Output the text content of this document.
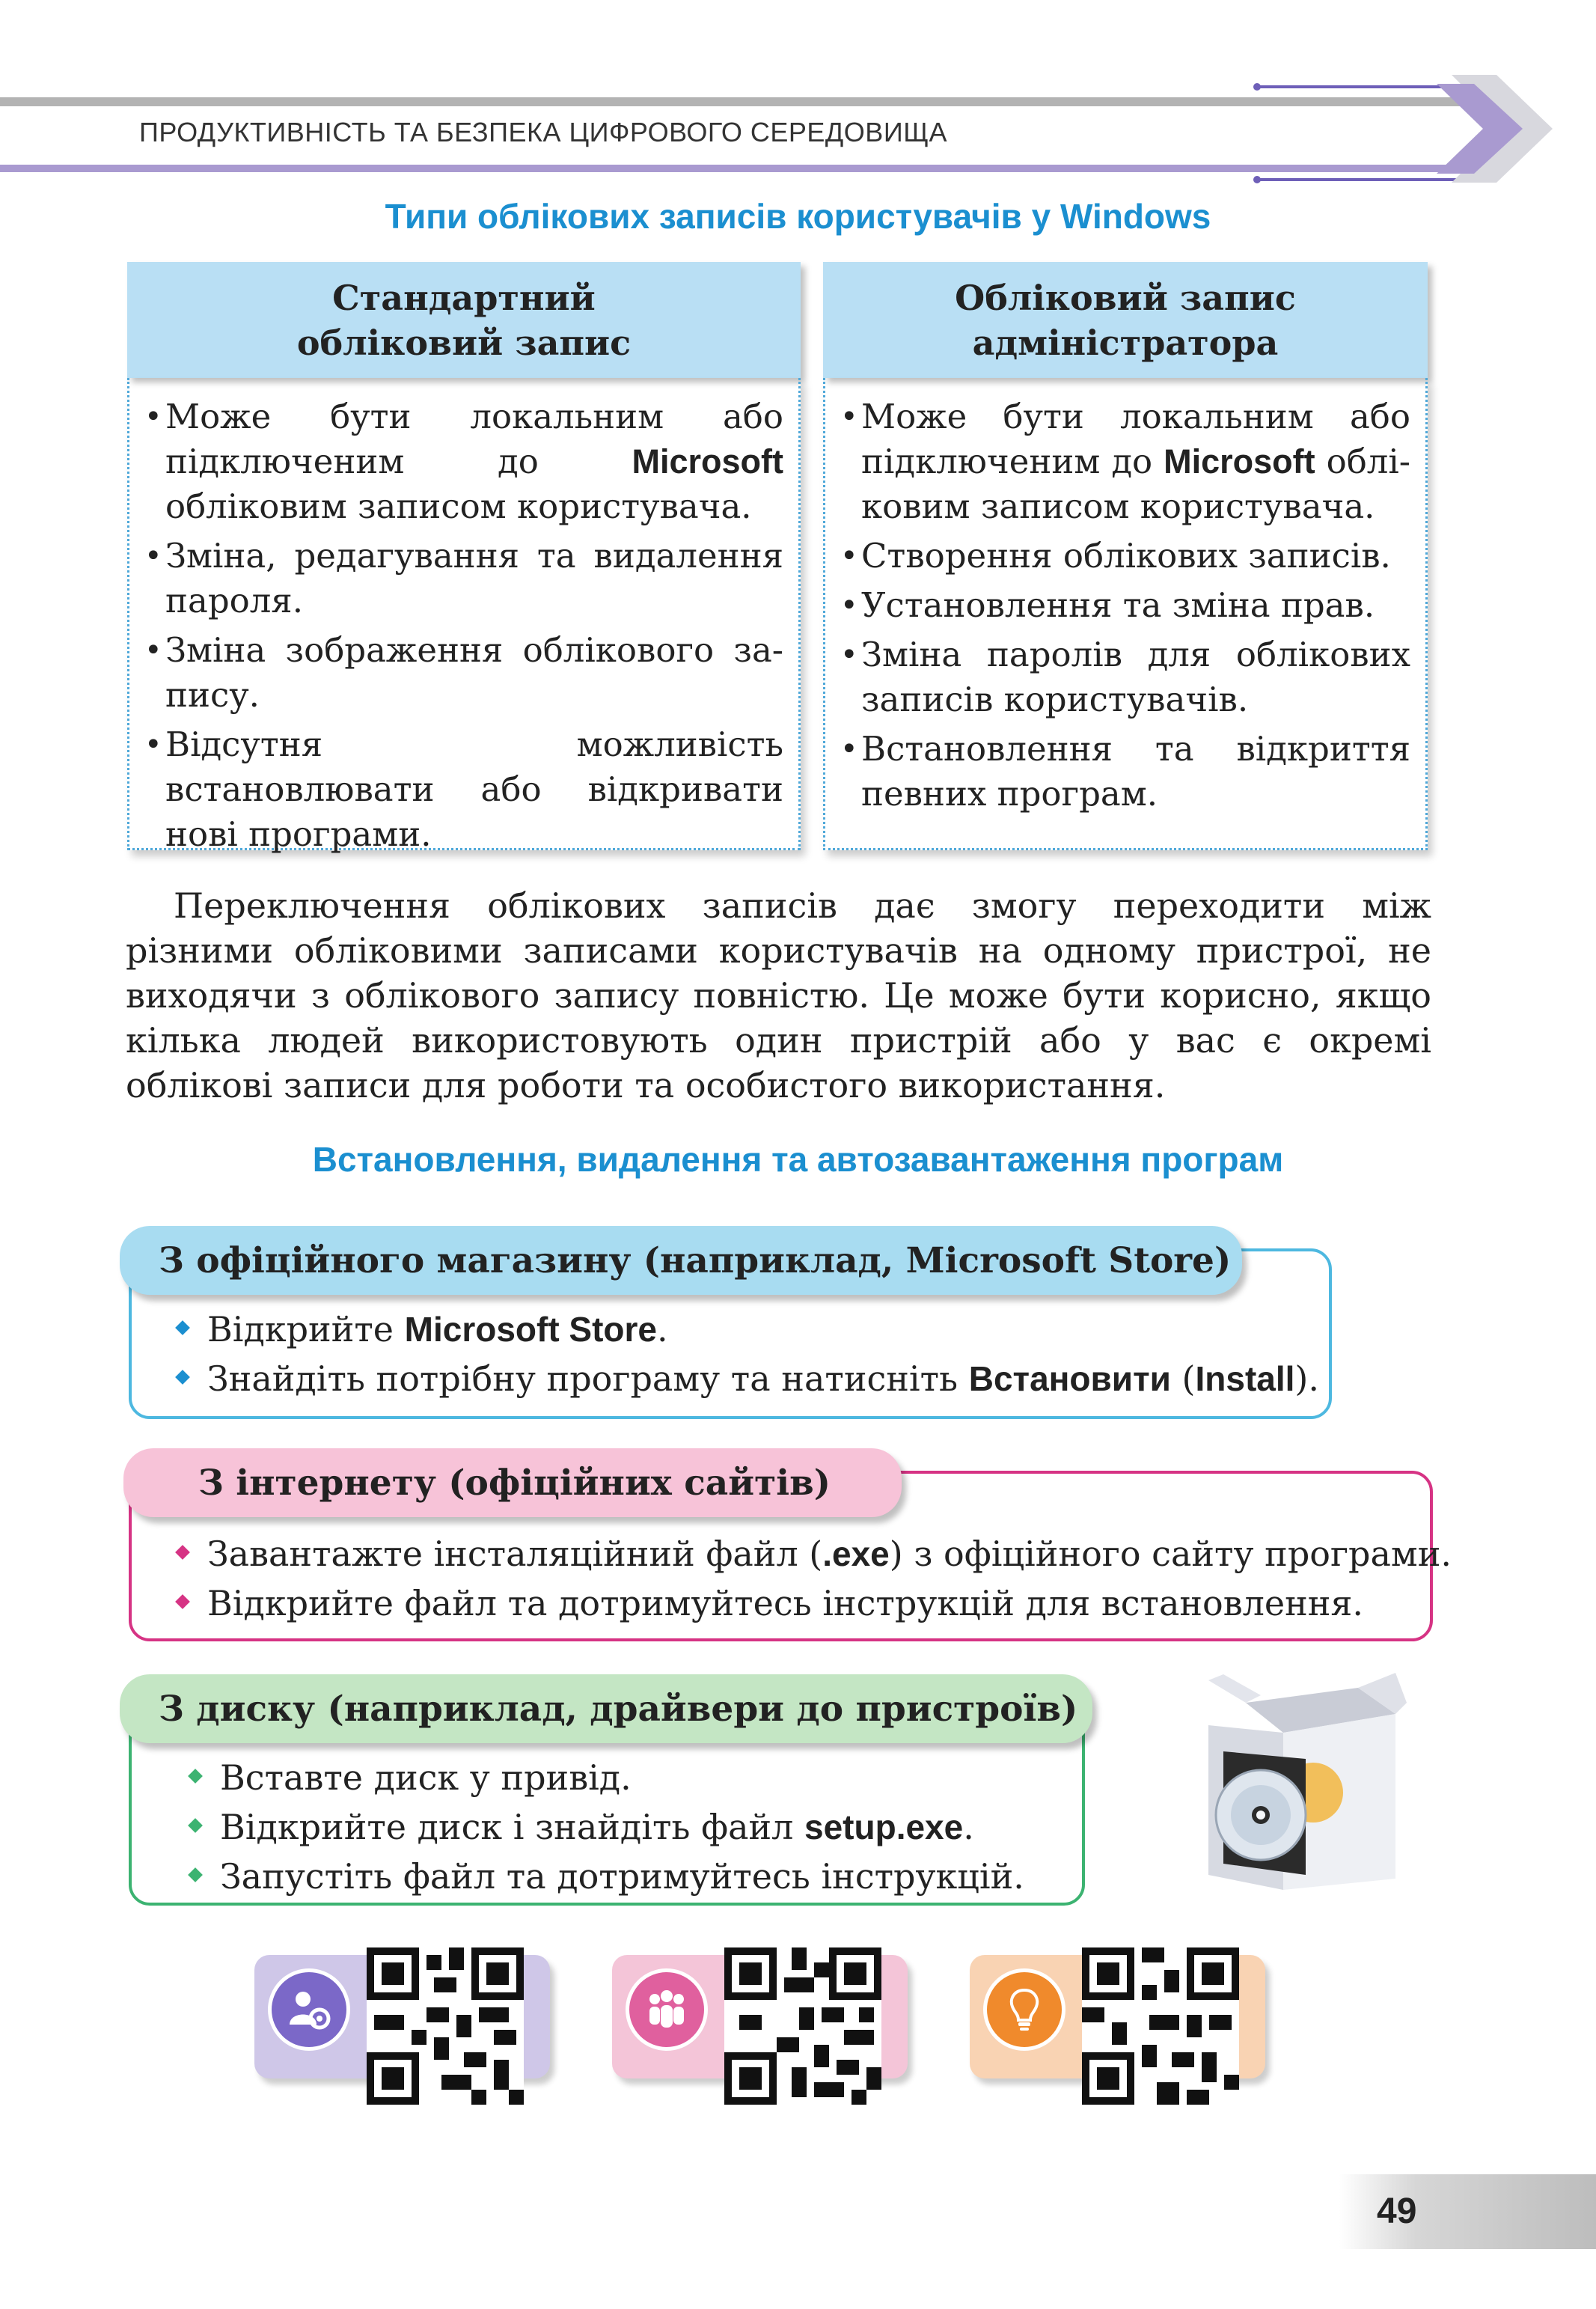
ПРОДУКТИВНІСТЬ ТА БЕЗПЕКА ЦИФРОВОГО СЕРЕДОВИЩА
Типи облікових записів користувачів у Windows
Стандартний
обліковий запис
• Може бути локальним або підключеним до Microsoft обліковим записом користувача.
• Зміна, редагування та видалення пароля.
• Зміна зображення облікового запису.
• Відсутня можливість встановлювати або відкривати нові програми.
Обліковий запис
адміністратора
• Може бути локальним або підключеним до Microsoft обліковим записом користувача.
• Створення облікових записів.
• Установлення та зміна прав.
• Зміна паролів для облікових записів користувачів.
• Встановлення та відкриття певних програм.

Переключення облікових записів дає змогу переходити між різними обліковими записами користувачів на одному пристрої, не виходячи з облікового запису повністю. Це може бути корисно, якщо кілька людей використовують один пристрій або у вас є окремі облікові записи для роботи та особистого використання.

Встановлення, видалення та автозавантаження програм
З офіційного магазину (наприклад, Microsoft Store)
Відкрийте Microsoft Store.
Знайдіть потрібну програму та натисніть Встановити (Install).
З інтернету (офіційних сайтів)
Завантажте інсталяційний файл (.exe) з офіційного сайту програми.
Відкрийте файл та дотримуйтесь інструкцій для встановлення.
З диску (наприклад, драйвери до пристроїв)
Вставте диск у привід.
Відкрийте диск і знайдіть файл setup.exe.
Запустіть файл та дотримуйтесь інструкцій.
49
